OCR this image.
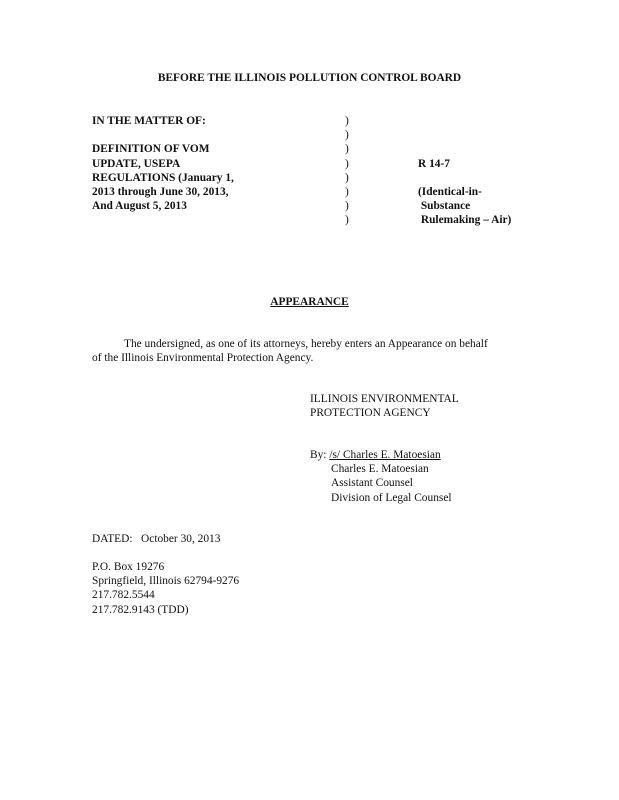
BEFORE THE ILLINOIS POLLUTION CONTROL BOARD
IN THE MATTER OF:
DEFINITION OF VOM
UPDATE, USEPA
REGULATIONS (January 1,
2013 through June 30, 2013,
And August 5, 2013
)
)
)
)
)
)
)
)
R 14-7
(Identical-in-
Substance
Rulemaking – Air)
APPEARANCE

The undersigned, as one of its attorneys, hereby enters an Appearance on behalf

of the Illinois Environmental Protection Agency.

ILLINOIS ENVIRONMENTAL
PROTECTION AGENCY
By: /s/ Charles E. Matoesian
Charles E. Matoesian
Assistant Counsel
Division of Legal Counsel
DATED:   October 30, 2013
P.O. Box 19276
Springfield, Illinois 62794-9276
217.782.5544
217.782.9143 (TDD)
